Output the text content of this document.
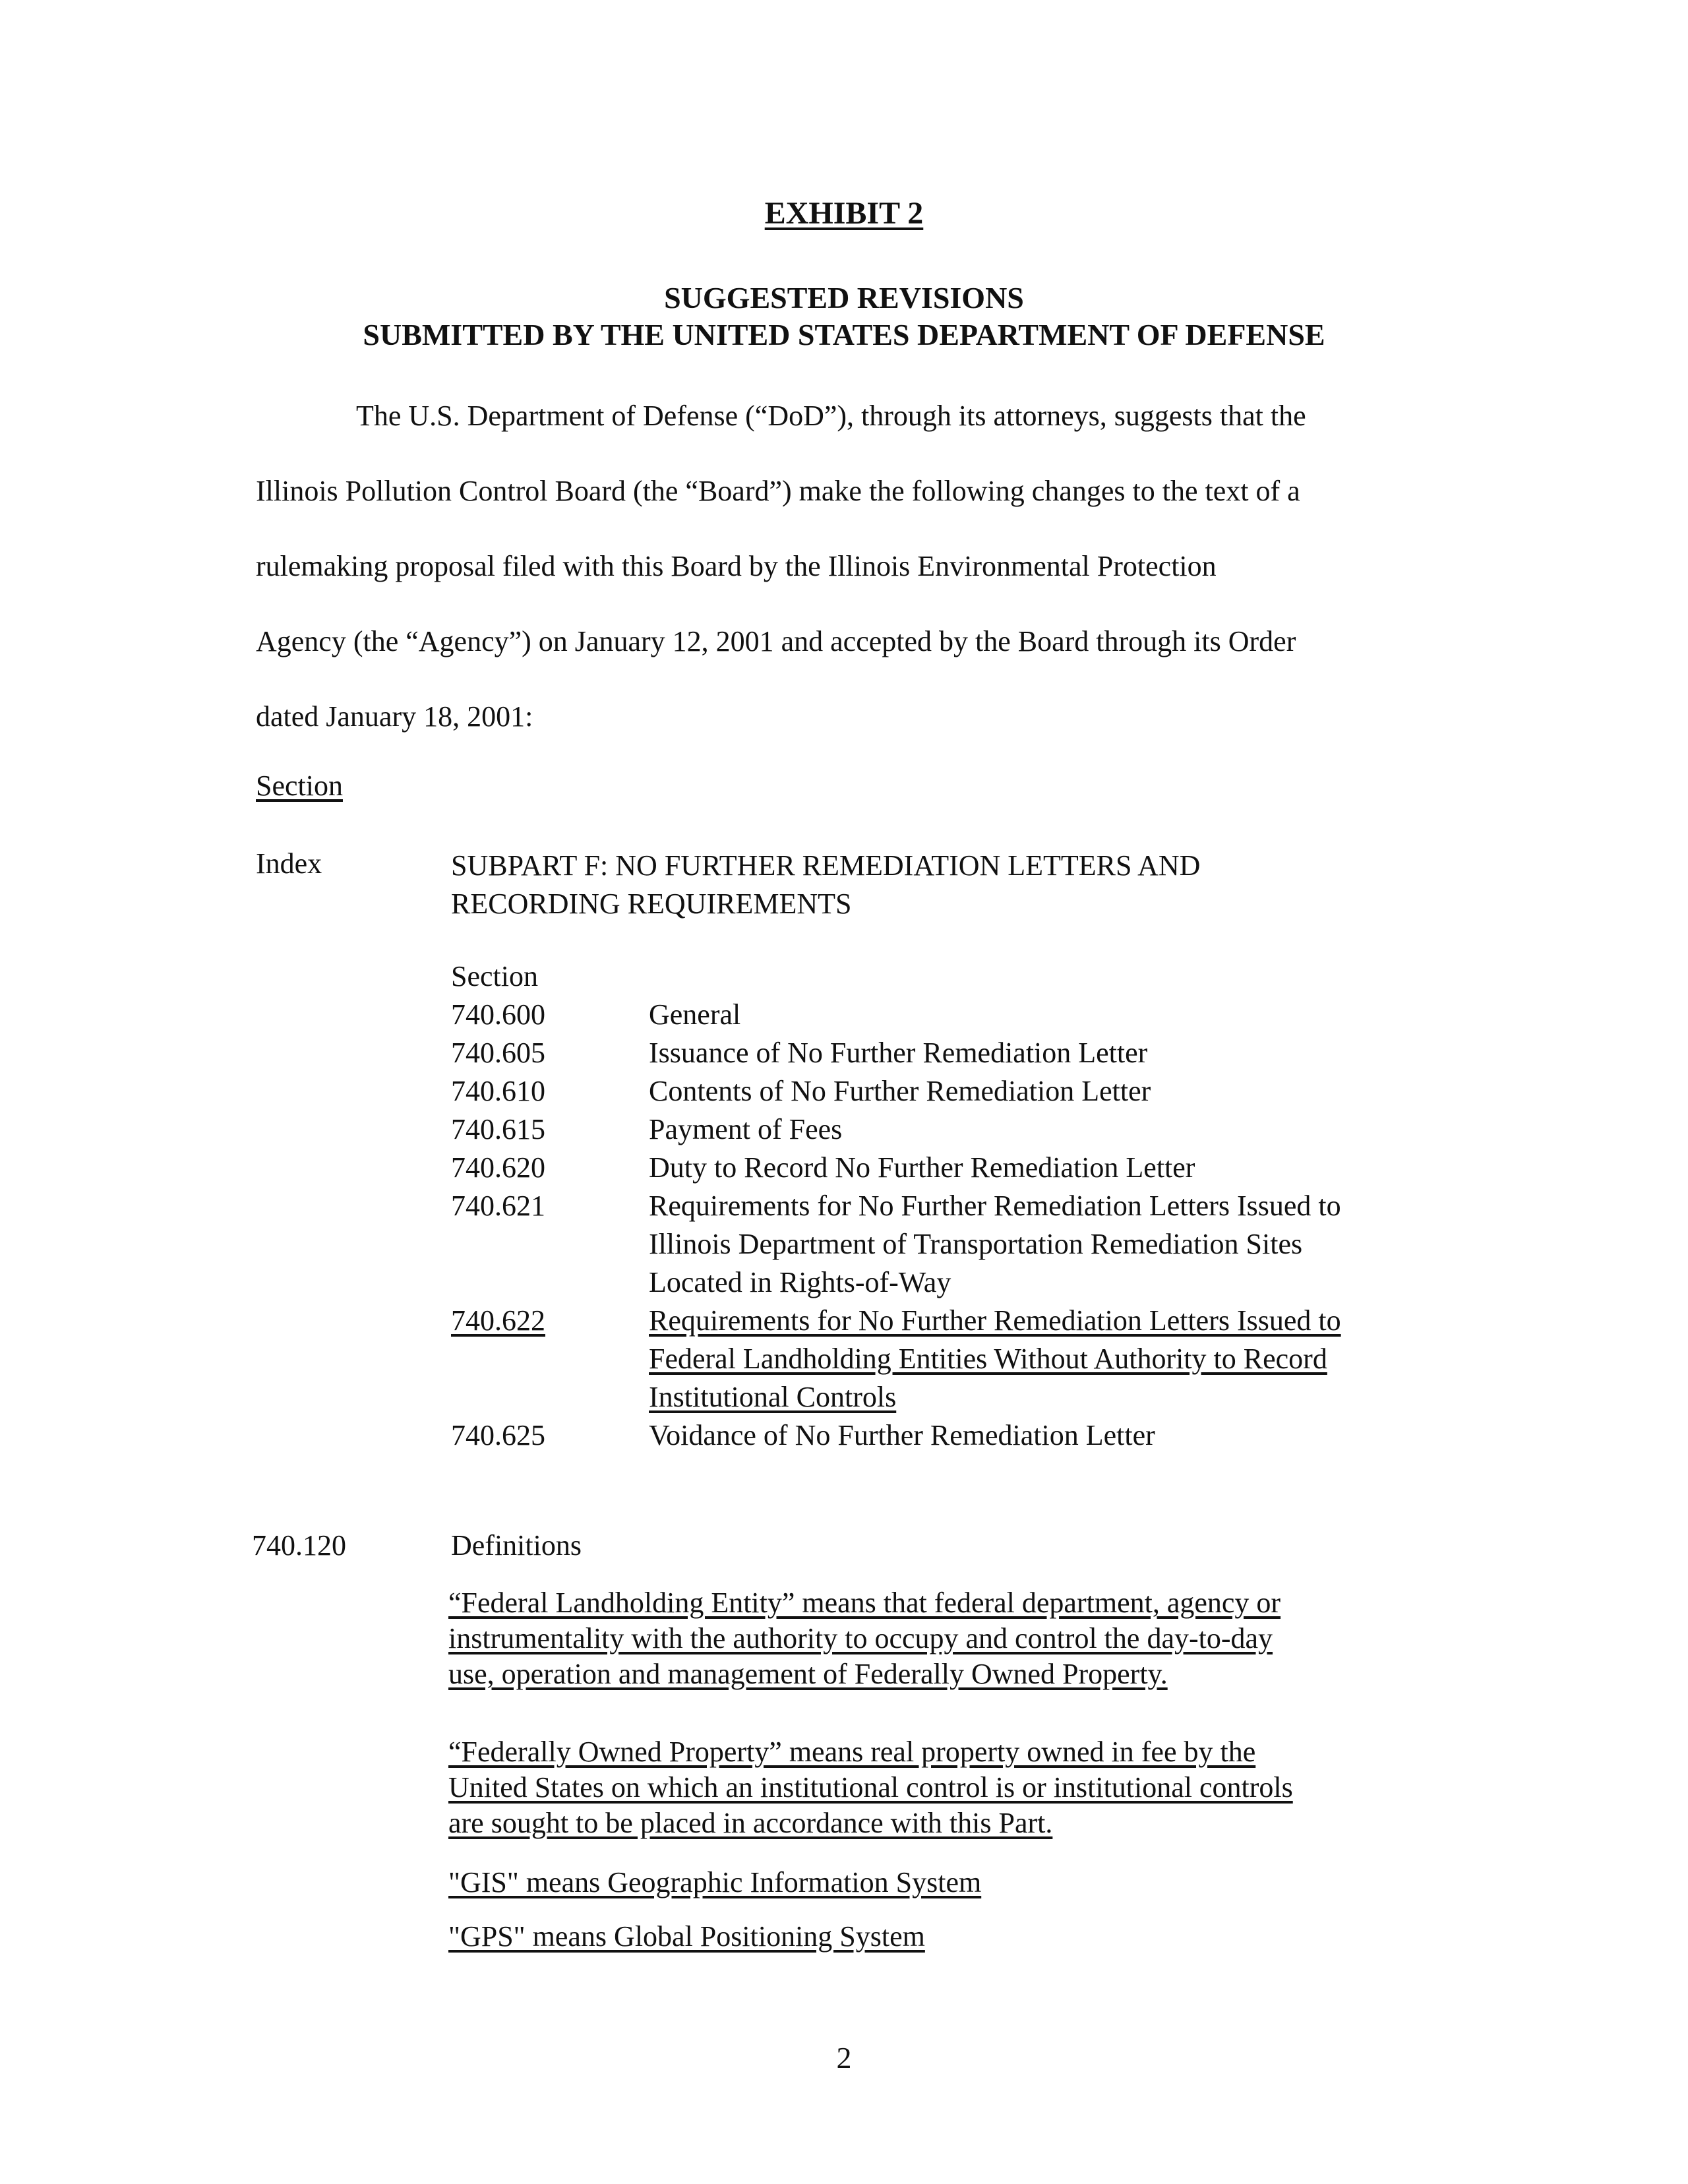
EXHIBIT 2
SUGGESTED REVISIONS
SUBMITTED BY THE UNITED STATES DEPARTMENT OF DEFENSE

The U.S. Department of Defense (“DoD”), through its attorneys, suggests that the
Illinois Pollution Control Board (the “Board”) make the following changes to the text of a
rulemaking proposal filed with this Board by the Illinois Environmental Protection
Agency (the “Agency”) on January 12, 2001 and accepted by the Board through its Order
dated January 18, 2001:

Section

Index	SUBPART F: NO FURTHER REMEDIATION LETTERS AND
RECORDING REQUIREMENTS

Section

740.600	General
740.605	Issuance of No Further Remediation Letter
740.610	Contents of No Further Remediation Letter
740.615	Payment of Fees
740.620	Duty to Record No Further Remediation Letter
740.621	Requirements for No Further Remediation Letters Issued to
Illinois Department of Transportation Remediation Sites
Located in Rights-of-Way
740.622	Requirements for No Further Remediation Letters Issued to
Federal Landholding Entities Without Authority to Record
Institutional Controls
740.625	Voidance of No Further Remediation Letter

740.120	Definitions

“Federal Landholding Entity” means that federal department, agency or
instrumentality with the authority to occupy and control the day-to-day
use, operation and management of Federally Owned Property.

“Federally Owned Property” means real property owned in fee by the
United States on which an institutional control is or institutional controls
are sought to be placed in accordance with this Part.

"GIS" means Geographic Information System

"GPS" means Global Positioning System

2
